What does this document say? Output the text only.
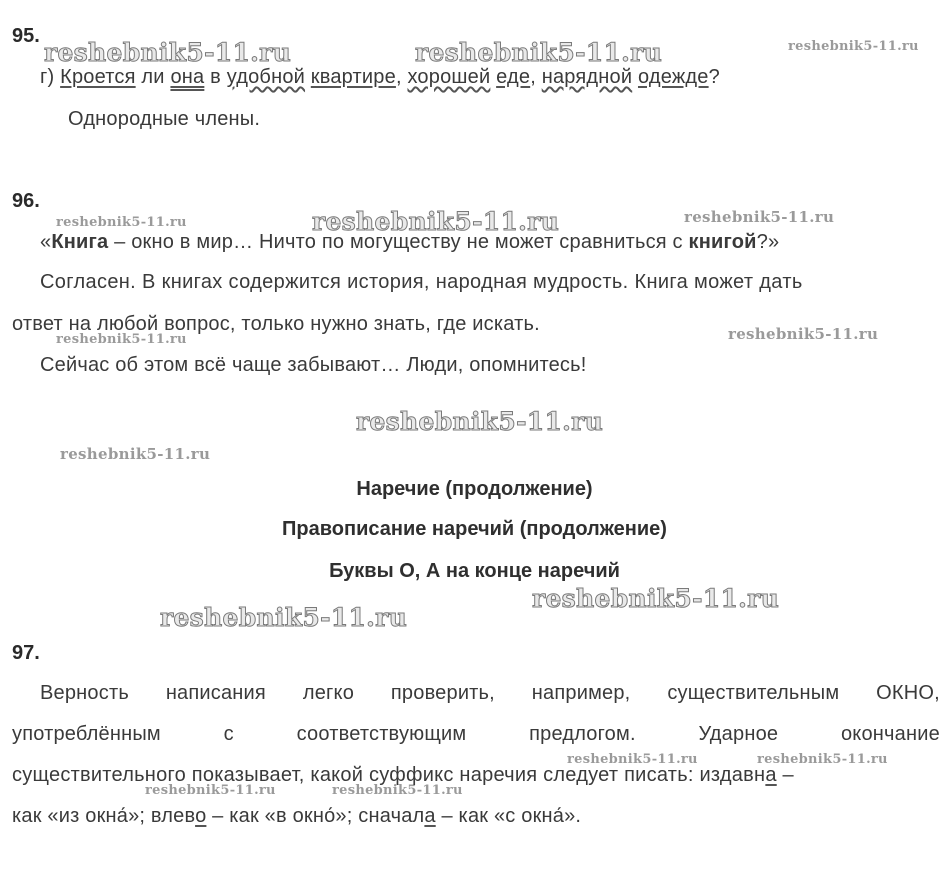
reshebnik5-11.ru	reshebnik5-11.ru	reshebnik5-11.ru
reshebnik5-11.ru	reshebnik5-11.ru	reshebnik5-11.ru
reshebnik5-11.ru	reshebnik5-11.ru
reshebnik5-11.ru
reshebnik5-11.ru
reshebnik5-11.ru
reshebnik5-11.ru
reshebnik5-11.ru	reshebnik5-11.ru
reshebnik5-11.ru	reshebnik5-11.ru
95.
г) Кроется ли она в удобной квартире, хорошей еде, нарядной одежде?
Однородные члены.
96.
«Книга – окно в мир… Ничто по могуществу не может сравниться с книгой?»
Согласен. В книгах содержится история, народная мудрость. Книга может дать
ответ на любой вопрос, только нужно знать, где искать.
Сейчас об этом всё чаще забывают… Люди, опомнитесь!
Наречие (продолжение)
Правописание наречий (продолжение)
Буквы О, А на конце наречий
97.
Верность написания легко проверить, например, существительным ОКНО,
употреблённым	с	соответствующим	предлогом.	Ударное	окончание
существительного показывает, какой суффикс наречия следует писать: издавна –
как «из окна́»; влево – как «в окно́»; сначала – как «с окна́».
